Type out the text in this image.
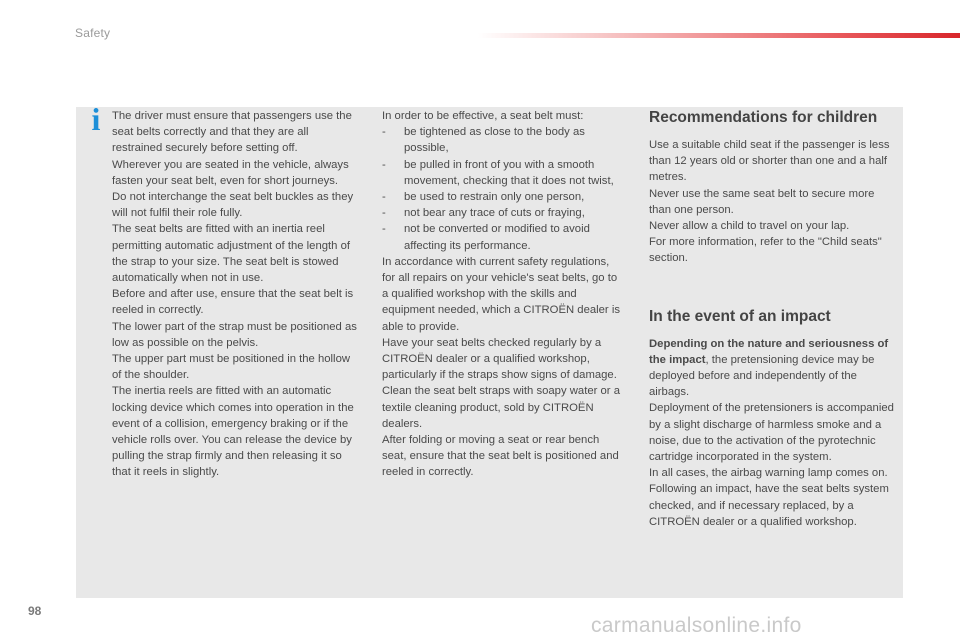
Safety
i	The driver must ensure that passengers use the seat belts correctly and that they are all restrained securely before setting off.

Wherever you are seated in the vehicle, always fasten your seat belt, even for short journeys.

Do not interchange the seat belt buckles as they will not fulfil their role fully.

The seat belts are fitted with an inertia reel permitting automatic adjustment of the length of the strap to your size. The seat belt is stowed automatically when not in use.

Before and after use, ensure that the seat belt is reeled in correctly.

The lower part of the strap must be positioned as low as possible on the pelvis.

The upper part must be positioned in the hollow of the shoulder.

The inertia reels are fitted with an automatic locking device which comes into operation in the event of a collision, emergency braking or if the vehicle rolls over. You can release the device by pulling the strap firmly and then releasing it so that it reels in slightly.

In order to be effective, a seat belt must:

- be tightened as close to the body as possible,
- be pulled in front of you with a smooth movement, checking that it does not twist,
- be used to restrain only one person,
- not bear any trace of cuts or fraying,
- not be converted or modified to avoid affecting its performance.

In accordance with current safety regulations, for all repairs on your vehicle's seat belts, go to a qualified workshop with the skills and equipment needed, which a CITROËN dealer is able to provide.

Have your seat belts checked regularly by a CITROËN dealer or a qualified workshop, particularly if the straps show signs of damage.

Clean the seat belt straps with soapy water or a textile cleaning product, sold by CITROËN dealers.

After folding or moving a seat or rear bench seat, ensure that the seat belt is positioned and reeled in correctly.

Recommendations for children

Use a suitable child seat if the passenger is less than 12 years old or shorter than one and a half metres.

Never use the same seat belt to secure more than one person.

Never allow a child to travel on your lap.

For more information, refer to the "Child seats" section.

In the event of an impact

Depending on the nature and seriousness of the impact, the pretensioning device may be deployed before and independently of the airbags.

Deployment of the pretensioners is accompanied by a slight discharge of harmless smoke and a noise, due to the activation of the pyrotechnic cartridge incorporated in the system.

In all cases, the airbag warning lamp comes on.

Following an impact, have the seat belts system checked, and if necessary replaced, by a CITROËN dealer or a qualified workshop.

98
carmanualsonline.info
